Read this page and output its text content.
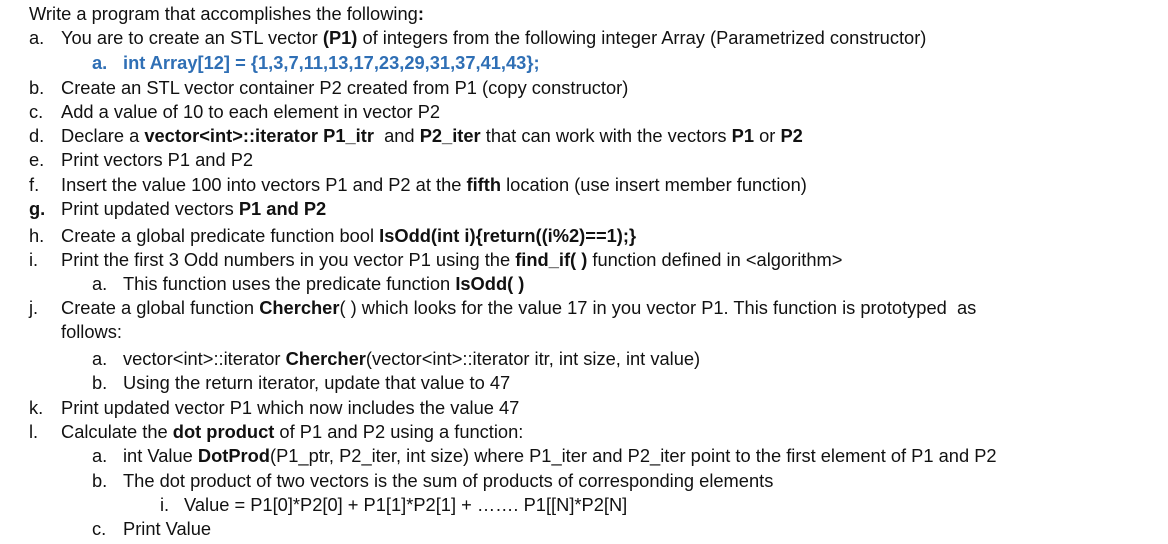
Write a program that accomplishes the following:
a. You are to create an STL vector (P1) of integers from the following integer Array (Parametrized constructor)
a. int Array[12] = {1,3,7,11,13,17,23,29,31,37,41,43};
b. Create an STL vector container P2 created from P1 (copy constructor)
c. Add a value of 10 to each element in vector P2
d. Declare a vector<int>::iterator P1_itr  and P2_iter that can work with the vectors P1 or P2
e. Print vectors P1 and P2
f. Insert the value 100 into vectors P1 and P2 at the fifth location (use insert member function)
g. Print updated vectors P1 and P2
h. Create a global predicate function bool IsOdd(int i){return((i%2)==1);}
i. Print the first 3 Odd numbers in you vector P1 using the find_if( ) function defined in <algorithm>
a. This function uses the predicate function IsOdd( )
j. Create a global function Chercher( ) which looks for the value 17 in you vector P1. This function is prototyped  as
follows:
a. vector<int>::iterator Chercher(vector<int>::iterator itr, int size, int value)
b. Using the return iterator, update that value to 47
k. Print updated vector P1 which now includes the value 47
l. Calculate the dot product of P1 and P2 using a function:
a. int Value DotProd(P1_ptr, P2_iter, int size) where P1_iter and P2_iter point to the first element of P1 and P2
b. The dot product of two vectors is the sum of products of corresponding elements
i. Value = P1[0]*P2[0] + P1[1]*P2[1] + ……. P1[[N]*P2[N]
c. Print Value
